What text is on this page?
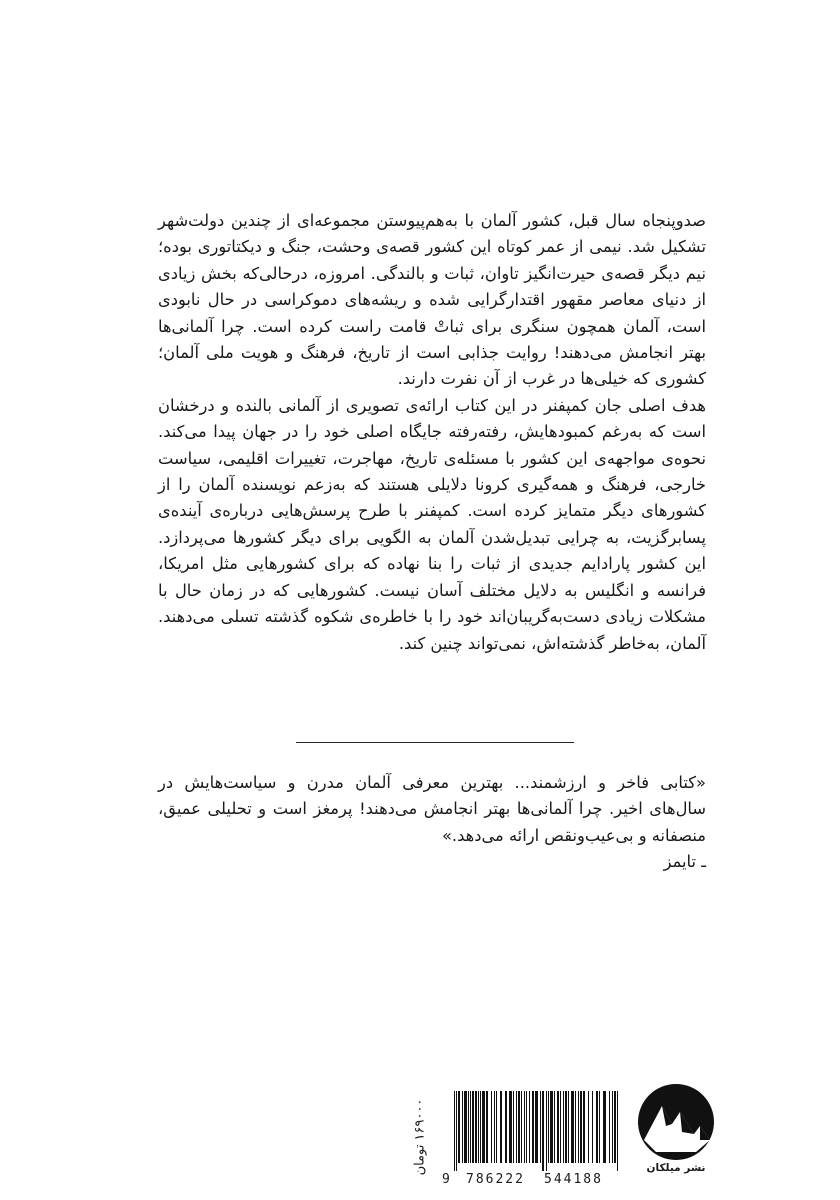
صدوپنجاه سال قبل، کشور آلمان با به‌هم‌پیوستن مجموعه‌ای از چندین دولت‌شهر تشکیل شد. نیمی از عمر کوتاه این کشور قصه‌ی وحشت، جنگ و دیکتاتوری بوده؛ نیم دیگر قصه‌ی حیرت‌انگیز تاوان، ثبات و بالندگی. امروزه، درحالی‌که بخش زیادی از دنیای معاصر مقهور اقتدارگرایی شده و ریشه‌های دموکراسی در حال نابودی است، آلمان همچون سنگری برای ثباتْ قامت راست کرده است. چرا آلمانی‌ها بهتر انجامش می‌دهند! روایت جذابی است از تاریخ، فرهنگ و هویت ملی آلمان؛ کشوری که خیلی‌ها در غرب از آن نفرت دارند.

هدف اصلی جان کمپفنر در این کتاب ارائه‌ی تصویری از آلمانی بالنده و درخشان است که به‌رغم کمبودهایش، رفته‌رفته جایگاه اصلی خود را در جهان پیدا می‌کند. نحوه‌ی مواجهه‌ی این کشور با مسئله‌ی تاریخ، مهاجرت، تغییرات اقلیمی، سیاست خارجی، فرهنگ و همه‌گیری کرونا دلایلی هستند که به‌زعم نویسنده آلمان را از کشورهای دیگر متمایز کرده است. کمپفنر با طرح پرسش‌هایی درباره‌ی آینده‌ی پسابرگزیت، به چرایی تبدیل‌شدن آلمان به الگویی برای دیگر کشورها می‌پردازد. این کشور پارادایم جدیدی از ثبات را بنا نهاده که برای کشورهایی مثل امریکا، فرانسه و انگلیس به دلایل مختلف آسان نیست. کشورهایی که در زمان حال با مشکلات زیادی دست‌به‌گریبان‌اند خود را با خاطره‌ی شکوه گذشته تسلی می‌دهند. آلمان، به‌خاطر گذشته‌اش، نمی‌تواند چنین کند.

«کتابی فاخر و ارزشمند... بهترین معرفی آلمان مدرن و سیاست‌هایش در سال‌های اخیر. چرا آلمانی‌ها بهتر انجامش می‌دهند! پرمغز است و تحلیلی عمیق، منصفانه و بی‌عیب‌ونقص ارائه می‌دهد.»

ـ تایمز

۱۶۹۰۰۰ تومان
9 786222 544188
نشر میلکان
